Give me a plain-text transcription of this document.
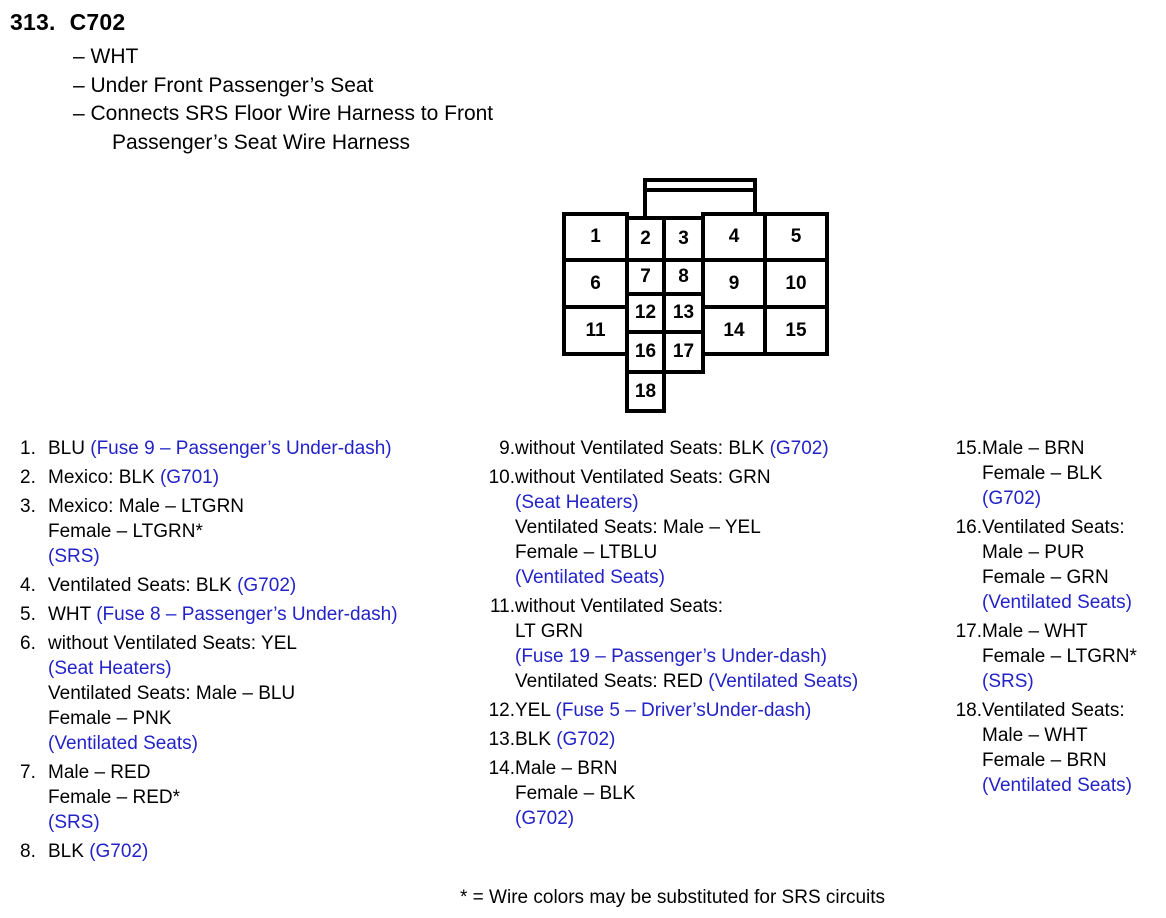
313. C702
– WHT
– Under Front Passenger’s Seat
– Connects SRS Floor Wire Harness to Front
Passenger’s Seat Wire Harness
1	2	3	4	5
6	7	8	9	10
11
12 13
14	15
16 17
18
1. BLU (Fuse 9 – Passenger’s Under-dash)
2. Mexico: BLK (G701)
3. Mexico: Male – LTGRN
Female – LTGRN*
(SRS)
4. Ventilated Seats: BLK (G702)
5. WHT (Fuse 8 – Passenger’s Under-dash)
6. without Ventilated Seats: YEL
(Seat Heaters)
Ventilated Seats: Male – BLU
Female – PNK
(Ventilated Seats)
7. Male – RED
Female – RED*
(SRS)
8. BLK (G702)
9. without Ventilated Seats: BLK (G702)
10. without Ventilated Seats: GRN
(Seat Heaters)
Ventilated Seats: Male – YEL
Female – LTBLU
(Ventilated Seats)
11. without Ventilated Seats:
LT GRN
(Fuse 19 – Passenger’s Under-dash)
Ventilated Seats: RED (Ventilated Seats)
12. YEL (Fuse 5 – Driver’sUnder-dash)
13. BLK (G702)
14. Male – BRN
Female – BLK
(G702)
15. Male – BRN
Female – BLK
(G702)
16. Ventilated Seats:
Male – PUR
Female – GRN
(Ventilated Seats)
17. Male – WHT
Female – LTGRN*
(SRS)
18. Ventilated Seats:
Male – WHT
Female – BRN
(Ventilated Seats)
* = Wire colors may be substituted for SRS circuits
